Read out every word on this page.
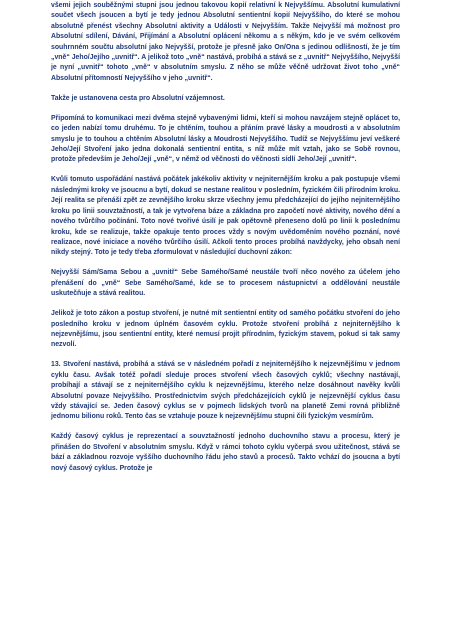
všemi jejich souběžnými stupni jsou jednou takovou kopií relativní k Nejvyššímu. Absolutní kumulativní součet všech jsoucen a bytí je tedy jednou Absolutní sentientní kopií Nejvyššího, do které se mohou absolutně přenést všechny Absolutní aktivity a Události v Nejvyšším. Takže Nejvyšší má možnost pro Absolutní sdílení, Dávání, Přijímání a Absolutní oplácení někomu a s někým, kdo je ve svém celkovém souhrnném součtu absolutní jako Nejvyšší, protože je přesně jako On/Ona s jedinou odlišností, že je tím „vně“ Jeho/Jejího „uvnitř“. A jelikož toto „vně“ nastává, probíhá a stává se z „uvnitř“ Nejvyššího, Nejvyšší je nyní „uvnitř“ tohoto „vně“ v absolutním smyslu. Z něho se může věčně udržovat život toho „vně“ Absolutní přítomností Nejvyššího v jeho „uvnitř“.

Takže je ustanovena cesta pro Absolutní vzájemnost.

Připomíná to komunikaci mezi dvěma stejně vybavenými lidmi, kteří si mohou navzájem stejně oplácet to, co jeden nabízí tomu druhému. To je chtěním, touhou a přáním pravé lásky a moudrosti a v absolutním smyslu je to touhou a chtěním Absolutní lásky a Moudrosti Nejvyššího. Tudíž se Nejvyššímu jeví veškeré Jeho/Její Stvoření jako jedna dokonalá sentientní entita, s níž může mít vztah, jako se Sobě rovnou, protože především je Jeho/Její „vně“, v němž od věčnosti do věčnosti sídlí Jeho/Její „uvnitř“.

Kvůli tomuto uspořádání nastává počátek jakékoliv aktivity v nejniternějším kroku a pak postupuje všemi následnými kroky ve jsoucnu a bytí, dokud se nestane realitou v posledním, fyzickém čili přírodním kroku. Její realita se přenáší zpět ze zevnějšího kroku skrze všechny jemu předcházející do jejího nejniternějšího kroku po linii souvztažností, a tak je vytvořena báze a základna pro započetí nové aktivity, nového dění a nového tvůrčího počínání. Toto nové tvořivé úsilí je pak opětovně přeneseno dolů po linii k poslednímu kroku, kde se realizuje, takže opakuje tento proces vždy s novým uvědoměním nového poznání, nové realizace, nové iniciace a nového tvůrčího úsilí. Ačkoli tento proces probíhá navždycky, jeho obsah není nikdy stejný. Toto je tedy třeba zformulovat v následující duchovní zákon:

Nejvyšší Sám/Sama Sebou a „uvnitř“ Sebe Samého/Samé neustále tvoří něco nového za účelem jeho přenášení do „vně“ Sebe Samého/Samé, kde se to procesem nástupnictví a oddělování neustále uskutečňuje a stává realitou.

Jelikož je toto zákon a postup stvoření, je nutné mít sentientní entity od samého počátku stvoření do jeho posledního kroku v jednom úplném časovém cyklu. Protože stvoření probíhá z nejniternějšího k nejzevnějšímu, jsou sentientní entity, které nemusí projít přírodním, fyzickým stavem, pokud si tak samy nezvolí.

13. Stvoření nastává, probíhá a stává se v následném pořadí z nejniternějšího k nejzevnějšímu v jednom cyklu času. Avšak totéž pořadí sleduje proces stvoření všech časových cyklů; všechny nastávají, probíhají a stávají se z nejniternějšího cyklu k nejzevnějšímu, kterého nelze dosáhnout navěky kvůli Absolutní povaze Nejvyššího. Prostřednictvím svých předcházejících cyklů je nejzevnější cyklus času vždy stávající se. Jeden časový cyklus se v pojmech lidských tvorů na planetě Zemi rovná přibližně jednomu bilionu roků. Tento čas se vztahuje pouze k nejzevnějšímu stupni čili fyzickým vesmírům.

Každý časový cyklus je reprezentací a souvztažností jednoho duchovního stavu a procesu, který je přinášen do Stvoření v absolutním smyslu. Když v rámci tohoto cyklu vyčerpá svou užitečnost, stává se bází a základnou rozvoje vyššího duchovního řádu jeho stavů a procesů. Takto vchází do jsoucna a bytí nový časový cyklus. Protože je
